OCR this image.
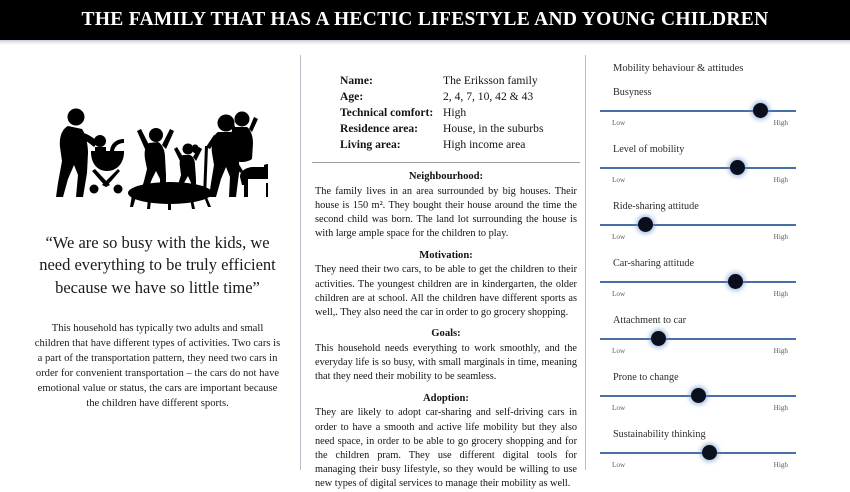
THE FAMILY THAT HAS A HECTIC LIFESTYLE AND YOUNG CHILDREN
“We are so busy with the kids, we need everything to be truly efficient because we have so little time”
This household has typically two adults and small children that have different types of activities. Two cars is a part of the transportation pattern, they need two cars in order for convenient transportation – the cars do not have emotional value or status, the cars are important because the children have different sports.
Name:	The Eriksson family
Age:	2, 4, 7, 10, 42 & 43
Technical comfort: High
Residence area:	House, in the suburbs
Living area:	High income area
Neighbourhood:
The family lives in an area surrounded by big houses. Their house is 150 m². They bought their house around the time the second child was born. The land lot surrounding the house is with large ample space for the children to play.
Motivation:
They need their two cars, to be able to get the children to their activities. The youngest children are in kindergarten, the older children are at school. All the children have different sports as well,. They also need the car in order to go grocery shopping.
Goals:
This household needs everything to work smoothly, and the everyday life is so busy, with small marginals in time, meaning that they need their mobility to be seamless.
Adoption:
They are likely to adopt car-sharing and self-driving cars in order to have a smooth and active life mobility but they also need space, in order to be able to go grocery shopping and for the children pram. They use different digital tools for managing their busy lifestyle, so they would be willing to use new types of digital services to manage their mobility as well.
Mobility behaviour & attitudes
Busyness
Low	High
Level of mobility
Low	High
Ride-sharing attitude
Low	High
Car-sharing attitude
Low	High
Attachment to car
Low	High
Prone to change
Low	High
Sustainability thinking
Low	High
